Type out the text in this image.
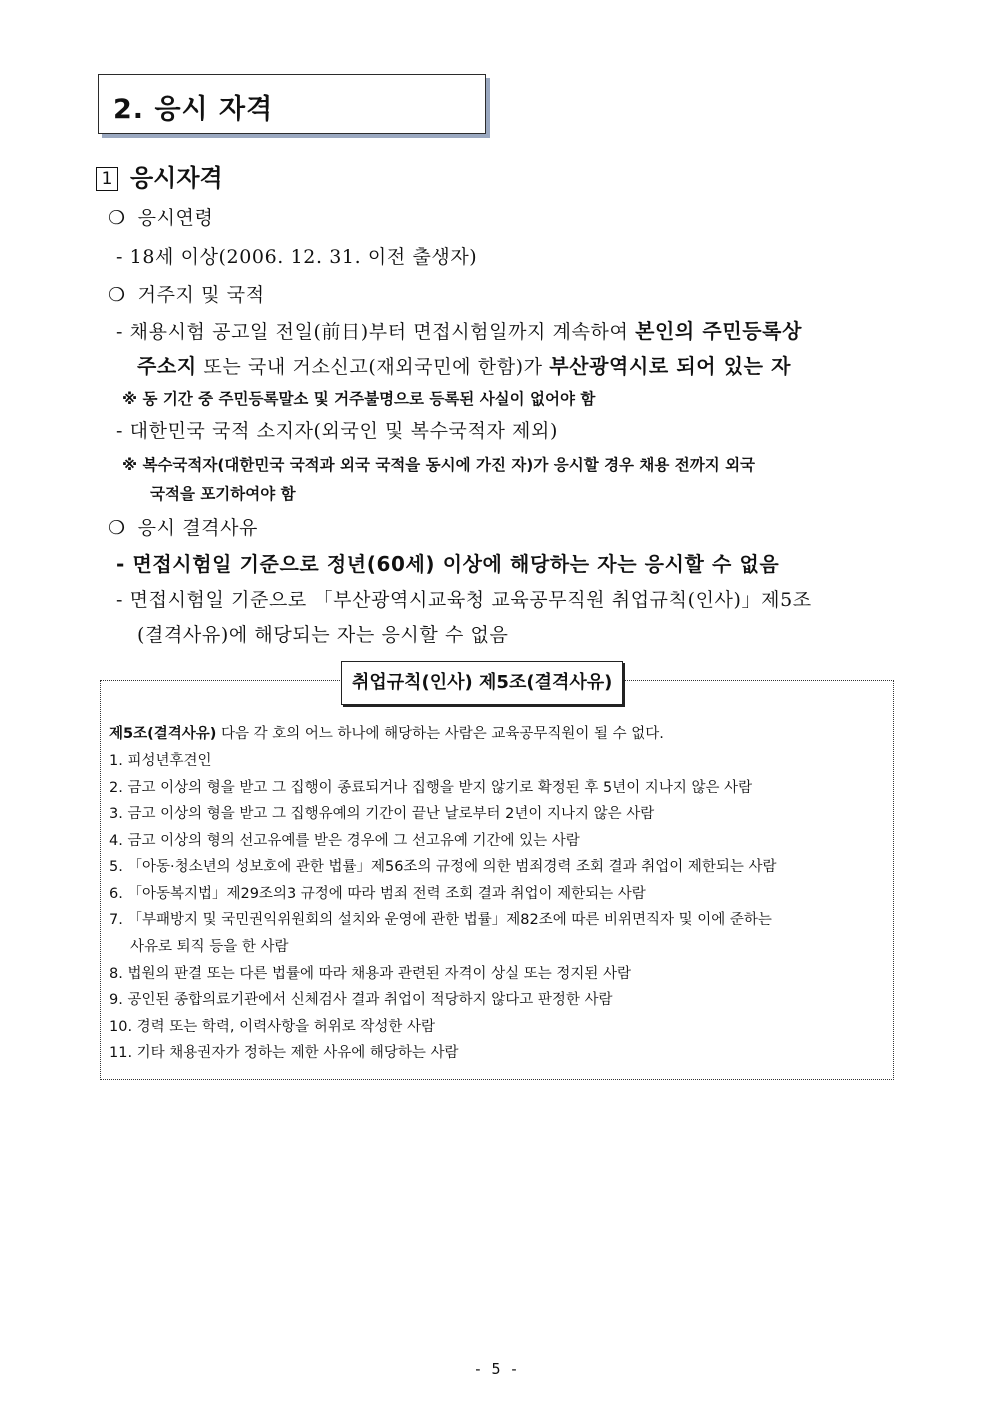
2. 응시 자격
1 응시자격
❍ 응시연령
- 18세 이상(2006. 12. 31. 이전 출생자)
❍ 거주지 및 국적
- 채용시험 공고일 전일(前日)부터 면접시험일까지 계속하여 본인의 주민등록상
주소지 또는 국내 거소신고(재외국민에 한함)가 부산광역시로 되어 있는 자
※ 동 기간 중 주민등록말소 및 거주불명으로 등록된 사실이 없어야 함
- 대한민국 국적 소지자(외국인 및 복수국적자 제외)
※ 복수국적자(대한민국 국적과 외국 국적을 동시에 가진 자)가 응시할 경우 채용 전까지 외국
국적을 포기하여야 함
❍ 응시 결격사유
- 면접시험일 기준으로 정년(60세) 이상에 해당하는 자는 응시할 수 없음
- 면접시험일 기준으로 「부산광역시교육청 교육공무직원 취업규칙(인사)」제5조
(결격사유)에 해당되는 자는 응시할 수 없음
취업규칙(인사) 제5조(결격사유)
제5조(결격사유) 다음 각 호의 어느 하나에 해당하는 사람은 교육공무직원이 될 수 없다.
1. 피성년후견인
2. 금고 이상의 형을 받고 그 집행이 종료되거나 집행을 받지 않기로 확정된 후 5년이 지나지 않은 사람
3. 금고 이상의 형을 받고 그 집행유예의 기간이 끝난 날로부터 2년이 지나지 않은 사람
4. 금고 이상의 형의 선고유예를 받은 경우에 그 선고유예 기간에 있는 사람
5. 「아동·청소년의 성보호에 관한 법률」제56조의 규정에 의한 범죄경력 조회 결과 취업이 제한되는 사람
6. 「아동복지법」제29조의3 규정에 따라 범죄 전력 조회 결과 취업이 제한되는 사람
7. 「부패방지 및 국민권익위원회의 설치와 운영에 관한 법률」제82조에 따른 비위면직자 및 이에 준하는
사유로 퇴직 등을 한 사람
8. 법원의 판결 또는 다른 법률에 따라 채용과 관련된 자격이 상실 또는 정지된 사람
9. 공인된 종합의료기관에서 신체검사 결과 취업이 적당하지 않다고 판정한 사람
10. 경력 또는 학력, 이력사항을 허위로 작성한 사람
11. 기타 채용권자가 정하는 제한 사유에 해당하는 사람
- 5 -
